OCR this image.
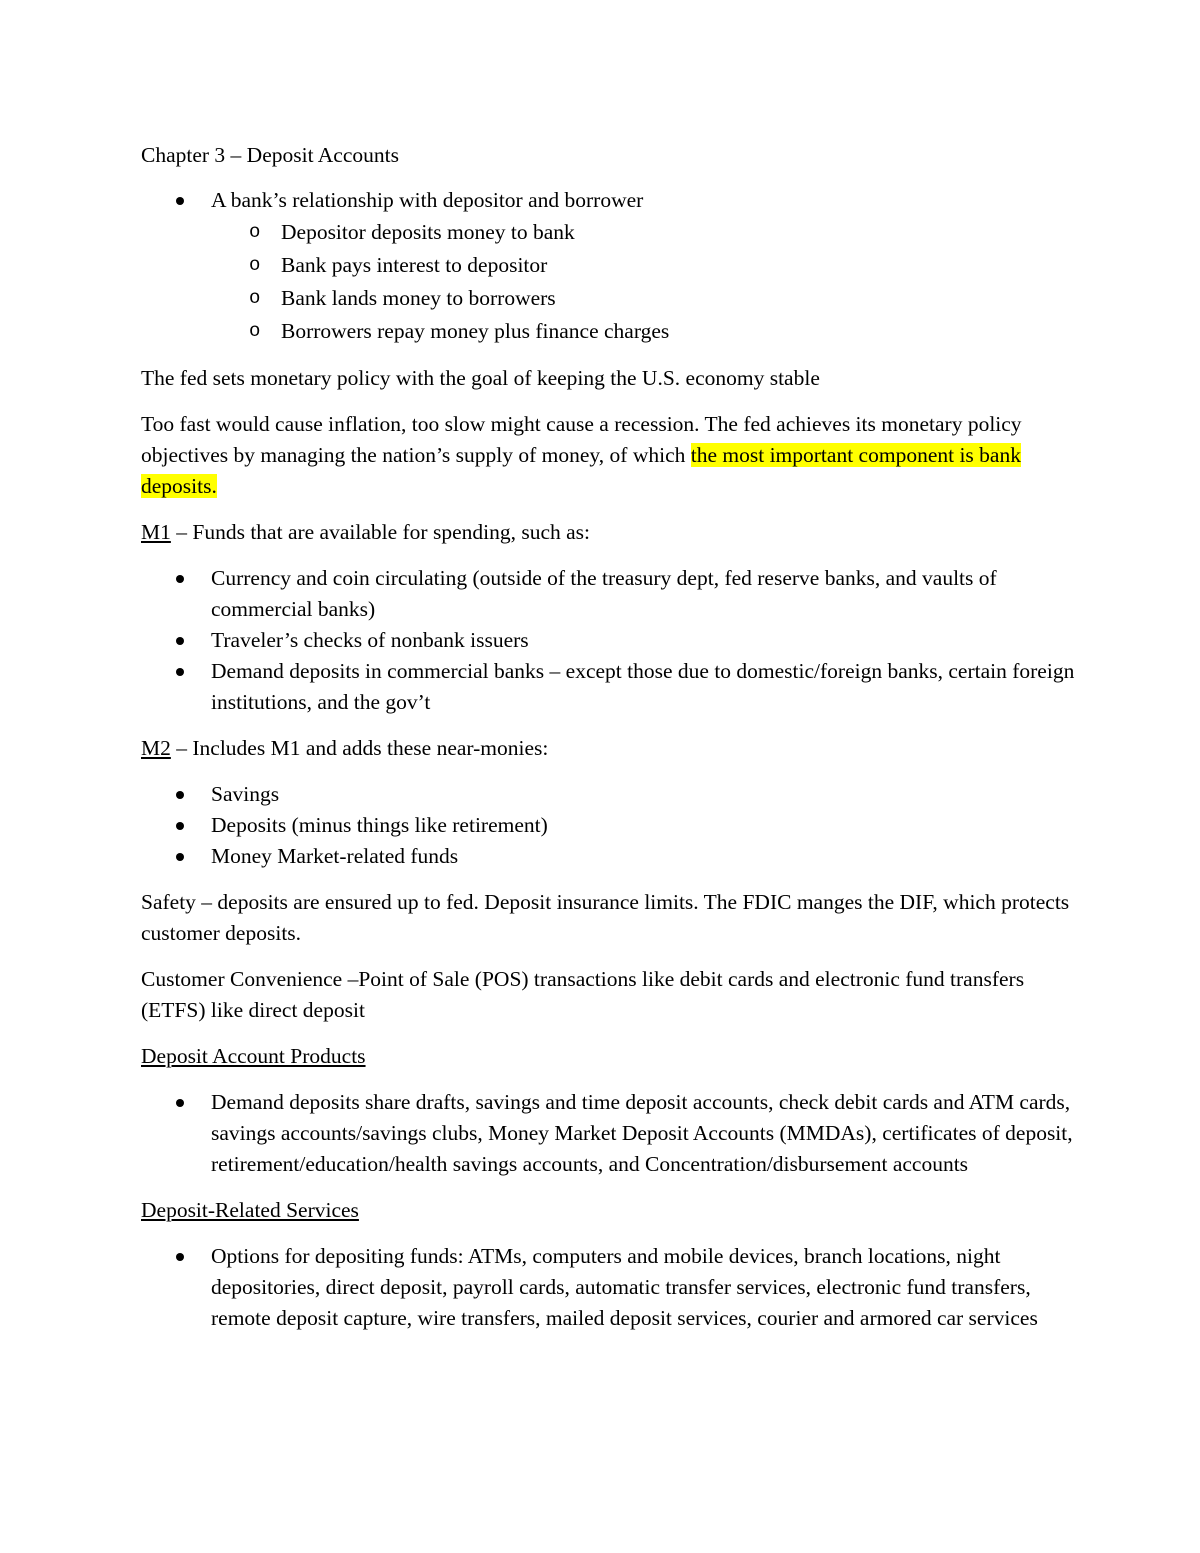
Chapter 3 – Deposit Accounts

A bank’s relationship with depositor and borrower
o Depositor deposits money to bank
o Bank pays interest to depositor
o Bank lands money to borrowers
o Borrowers repay money plus finance charges

The fed sets monetary policy with the goal of keeping the U.S. economy stable

Too fast would cause inflation, too slow might cause a recession. The fed achieves its monetary policy objectives by managing the nation’s supply of money, of which the most important component is bank deposits.

M1 – Funds that are available for spending, such as:

Currency and coin circulating (outside of the treasury dept, fed reserve banks, and vaults of commercial banks)
Traveler’s checks of nonbank issuers
Demand deposits in commercial banks – except those due to domestic/foreign banks, certain foreign institutions, and the gov’t

M2 – Includes M1 and adds these near-monies:

Savings
Deposits (minus things like retirement)
Money Market-related funds

Safety – deposits are ensured up to fed. Deposit insurance limits. The FDIC manges the DIF, which protects customer deposits.

Customer Convenience –Point of Sale (POS) transactions like debit cards and electronic fund transfers (ETFS) like direct deposit

Deposit Account Products

Demand deposits share drafts, savings and time deposit accounts, check debit cards and ATM cards, savings accounts/savings clubs, Money Market Deposit Accounts (MMDAs), certificates of deposit, retirement/education/health savings accounts, and Concentration/disbursement accounts

Deposit-Related Services

Options for depositing funds: ATMs, computers and mobile devices, branch locations, night depositories, direct deposit, payroll cards, automatic transfer services, electronic fund transfers, remote deposit capture, wire transfers, mailed deposit services, courier and armored car services
